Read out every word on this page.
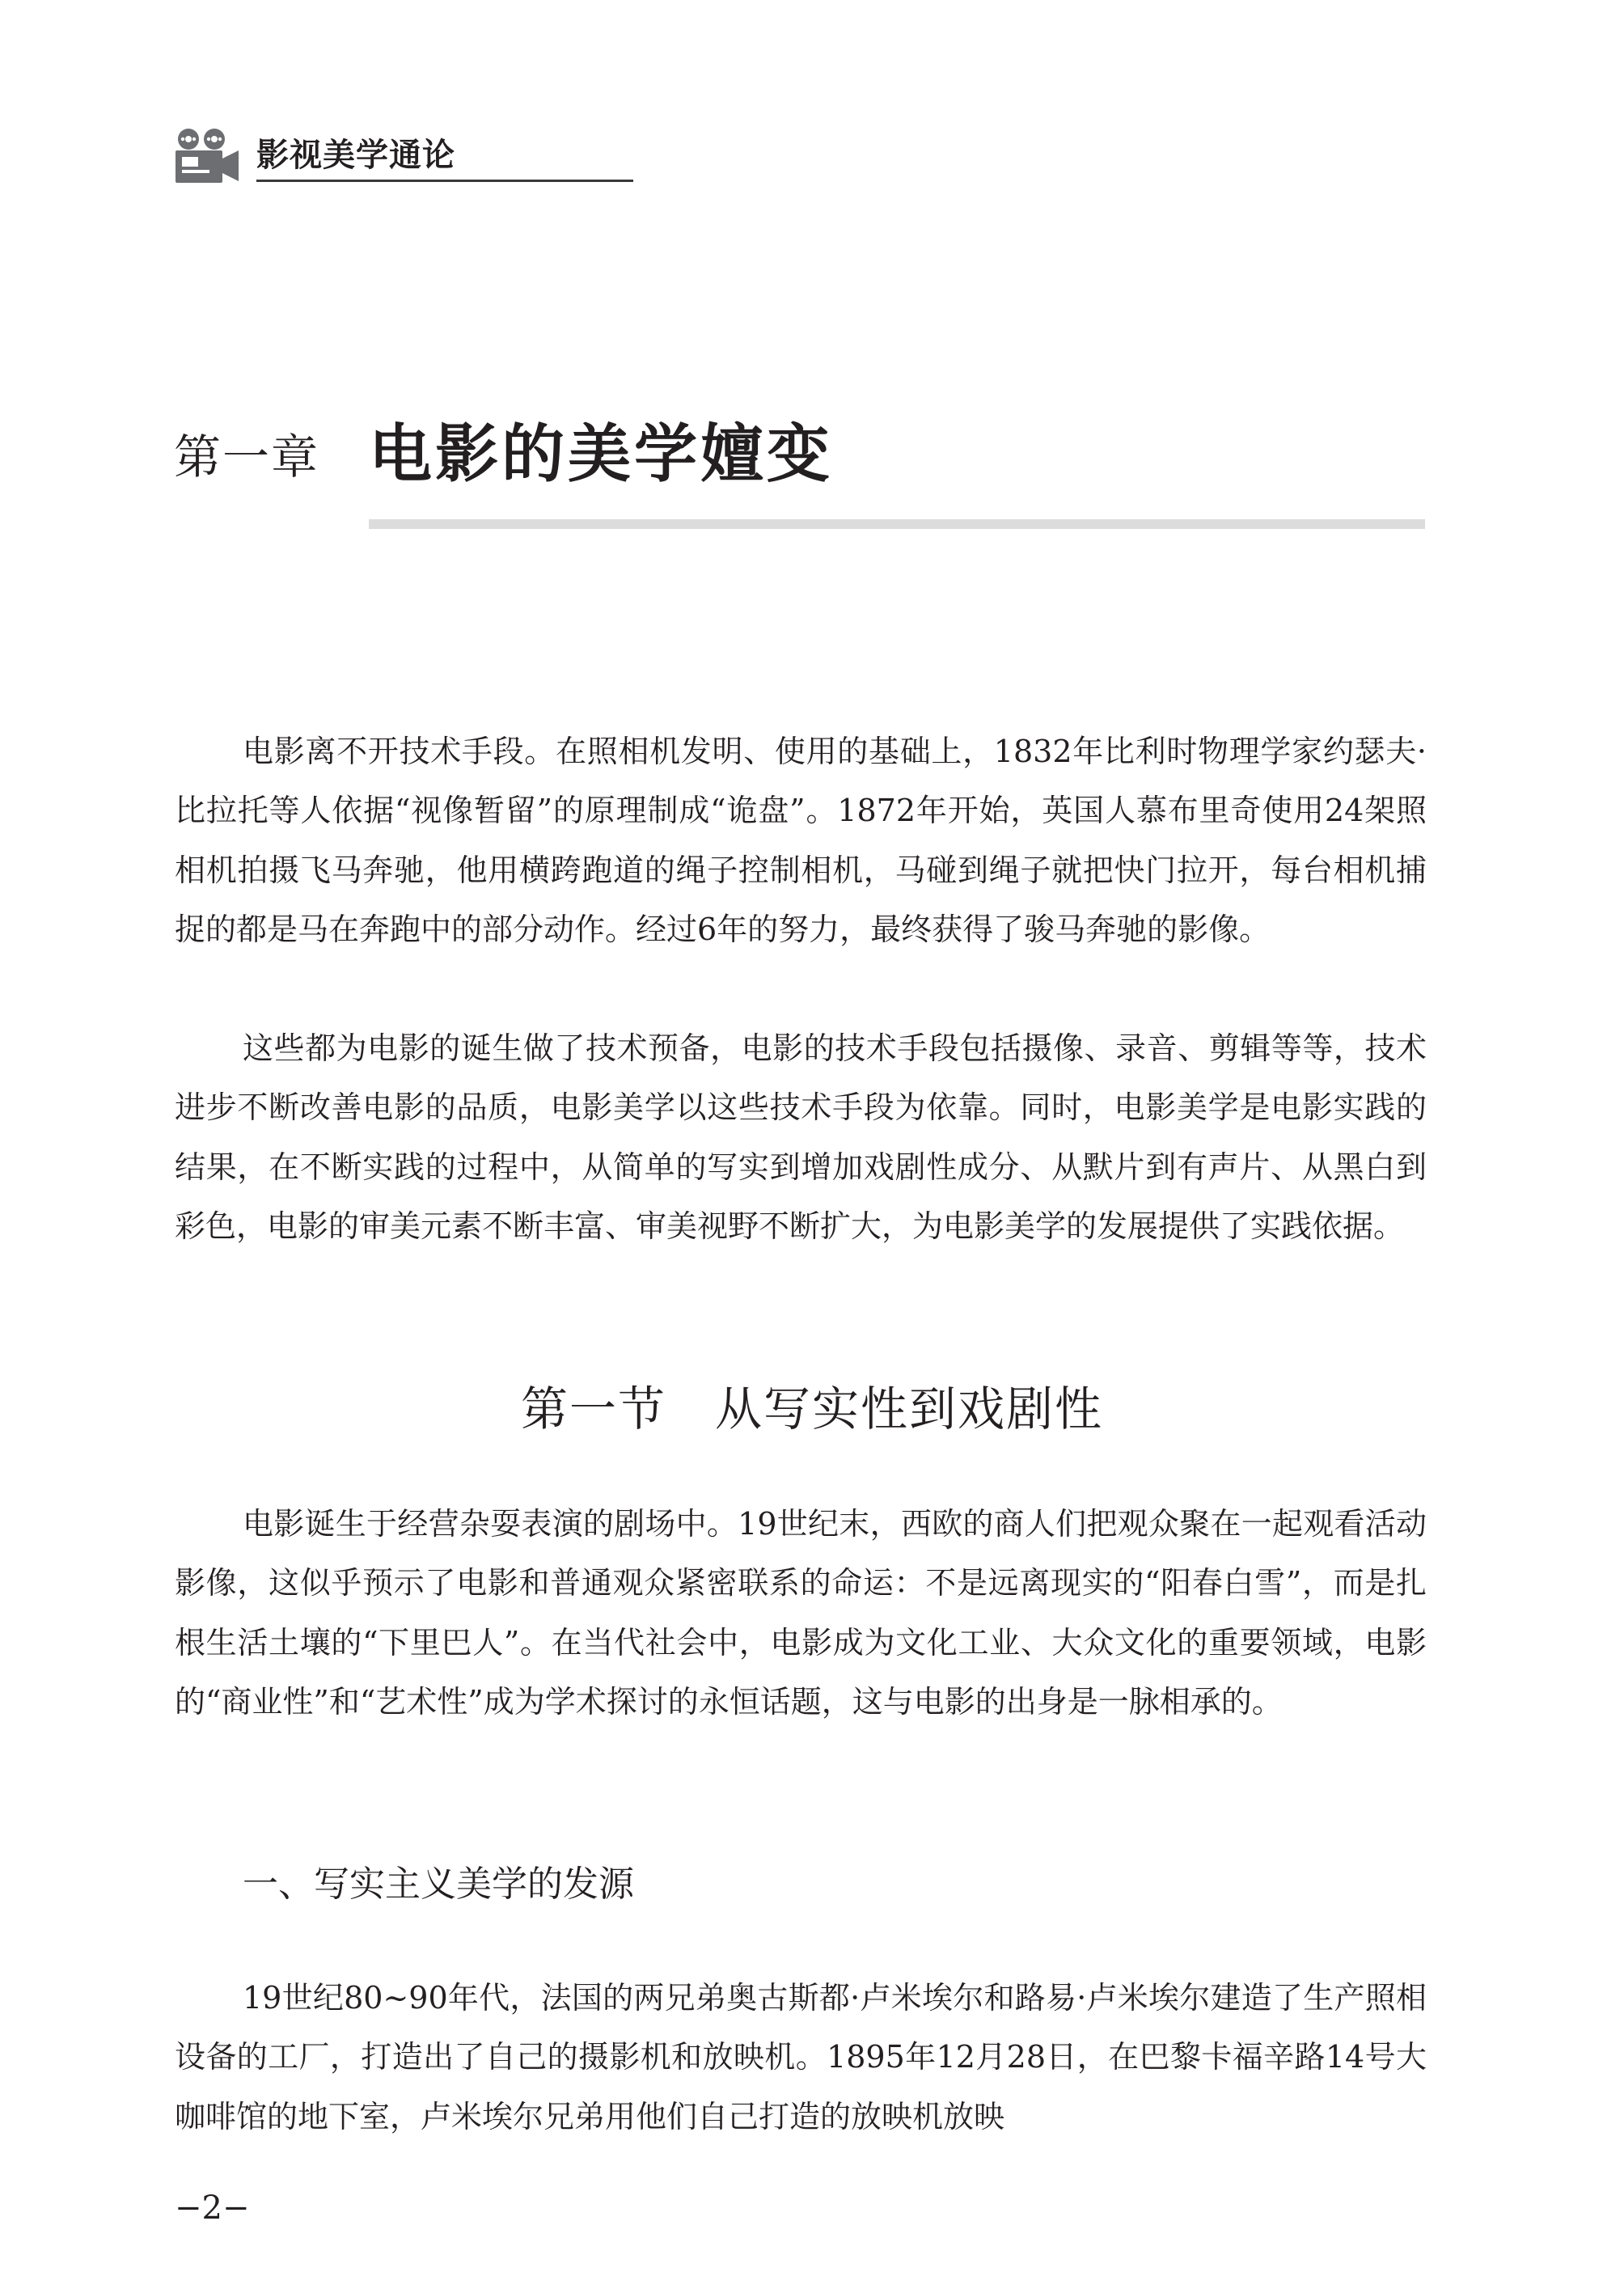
影视美学通论
第一章 电影的美学嬗变

电影离不开技术手段。在照相机发明、使用的基础上，1832年比利时物理学家约瑟夫·比拉托等人依据“视像暂留”的原理制成“诡盘”。1872年开始，英国人慕布里奇使用24架照相机拍摄飞马奔驰，他用横跨跑道的绳子控制相机，马碰到绳子就把快门拉开，每台相机捕捉的都是马在奔跑中的部分动作。经过6年的努力，最终获得了骏马奔驰的影像。

这些都为电影的诞生做了技术预备，电影的技术手段包括摄像、录音、剪辑等等，技术进步不断改善电影的品质，电影美学以这些技术手段为依靠。同时，电影美学是电影实践的结果，在不断实践的过程中，从简单的写实到增加戏剧性成分、从默片到有声片、从黑白到彩色，电影的审美元素不断丰富、审美视野不断扩大，为电影美学的发展提供了实践依据。

第一节　从写实性到戏剧性

电影诞生于经营杂耍表演的剧场中。19世纪末，西欧的商人们把观众聚在一起观看活动影像，这似乎预示了电影和普通观众紧密联系的命运：不是远离现实的“阳春白雪”，而是扎根生活土壤的“下里巴人”。在当代社会中，电影成为文化工业、大众文化的重要领域，电影的“商业性”和“艺术性”成为学术探讨的永恒话题，这与电影的出身是一脉相承的。

一、写实主义美学的发源

19世纪80~90年代，法国的两兄弟奥古斯都·卢米埃尔和路易·卢米埃尔建造了生产照相设备的工厂，打造出了自己的摄影机和放映机。1895年12月28日，在巴黎卡福辛路14号大咖啡馆的地下室，卢米埃尔兄弟用他们自己打造的放映机放映

−2−
